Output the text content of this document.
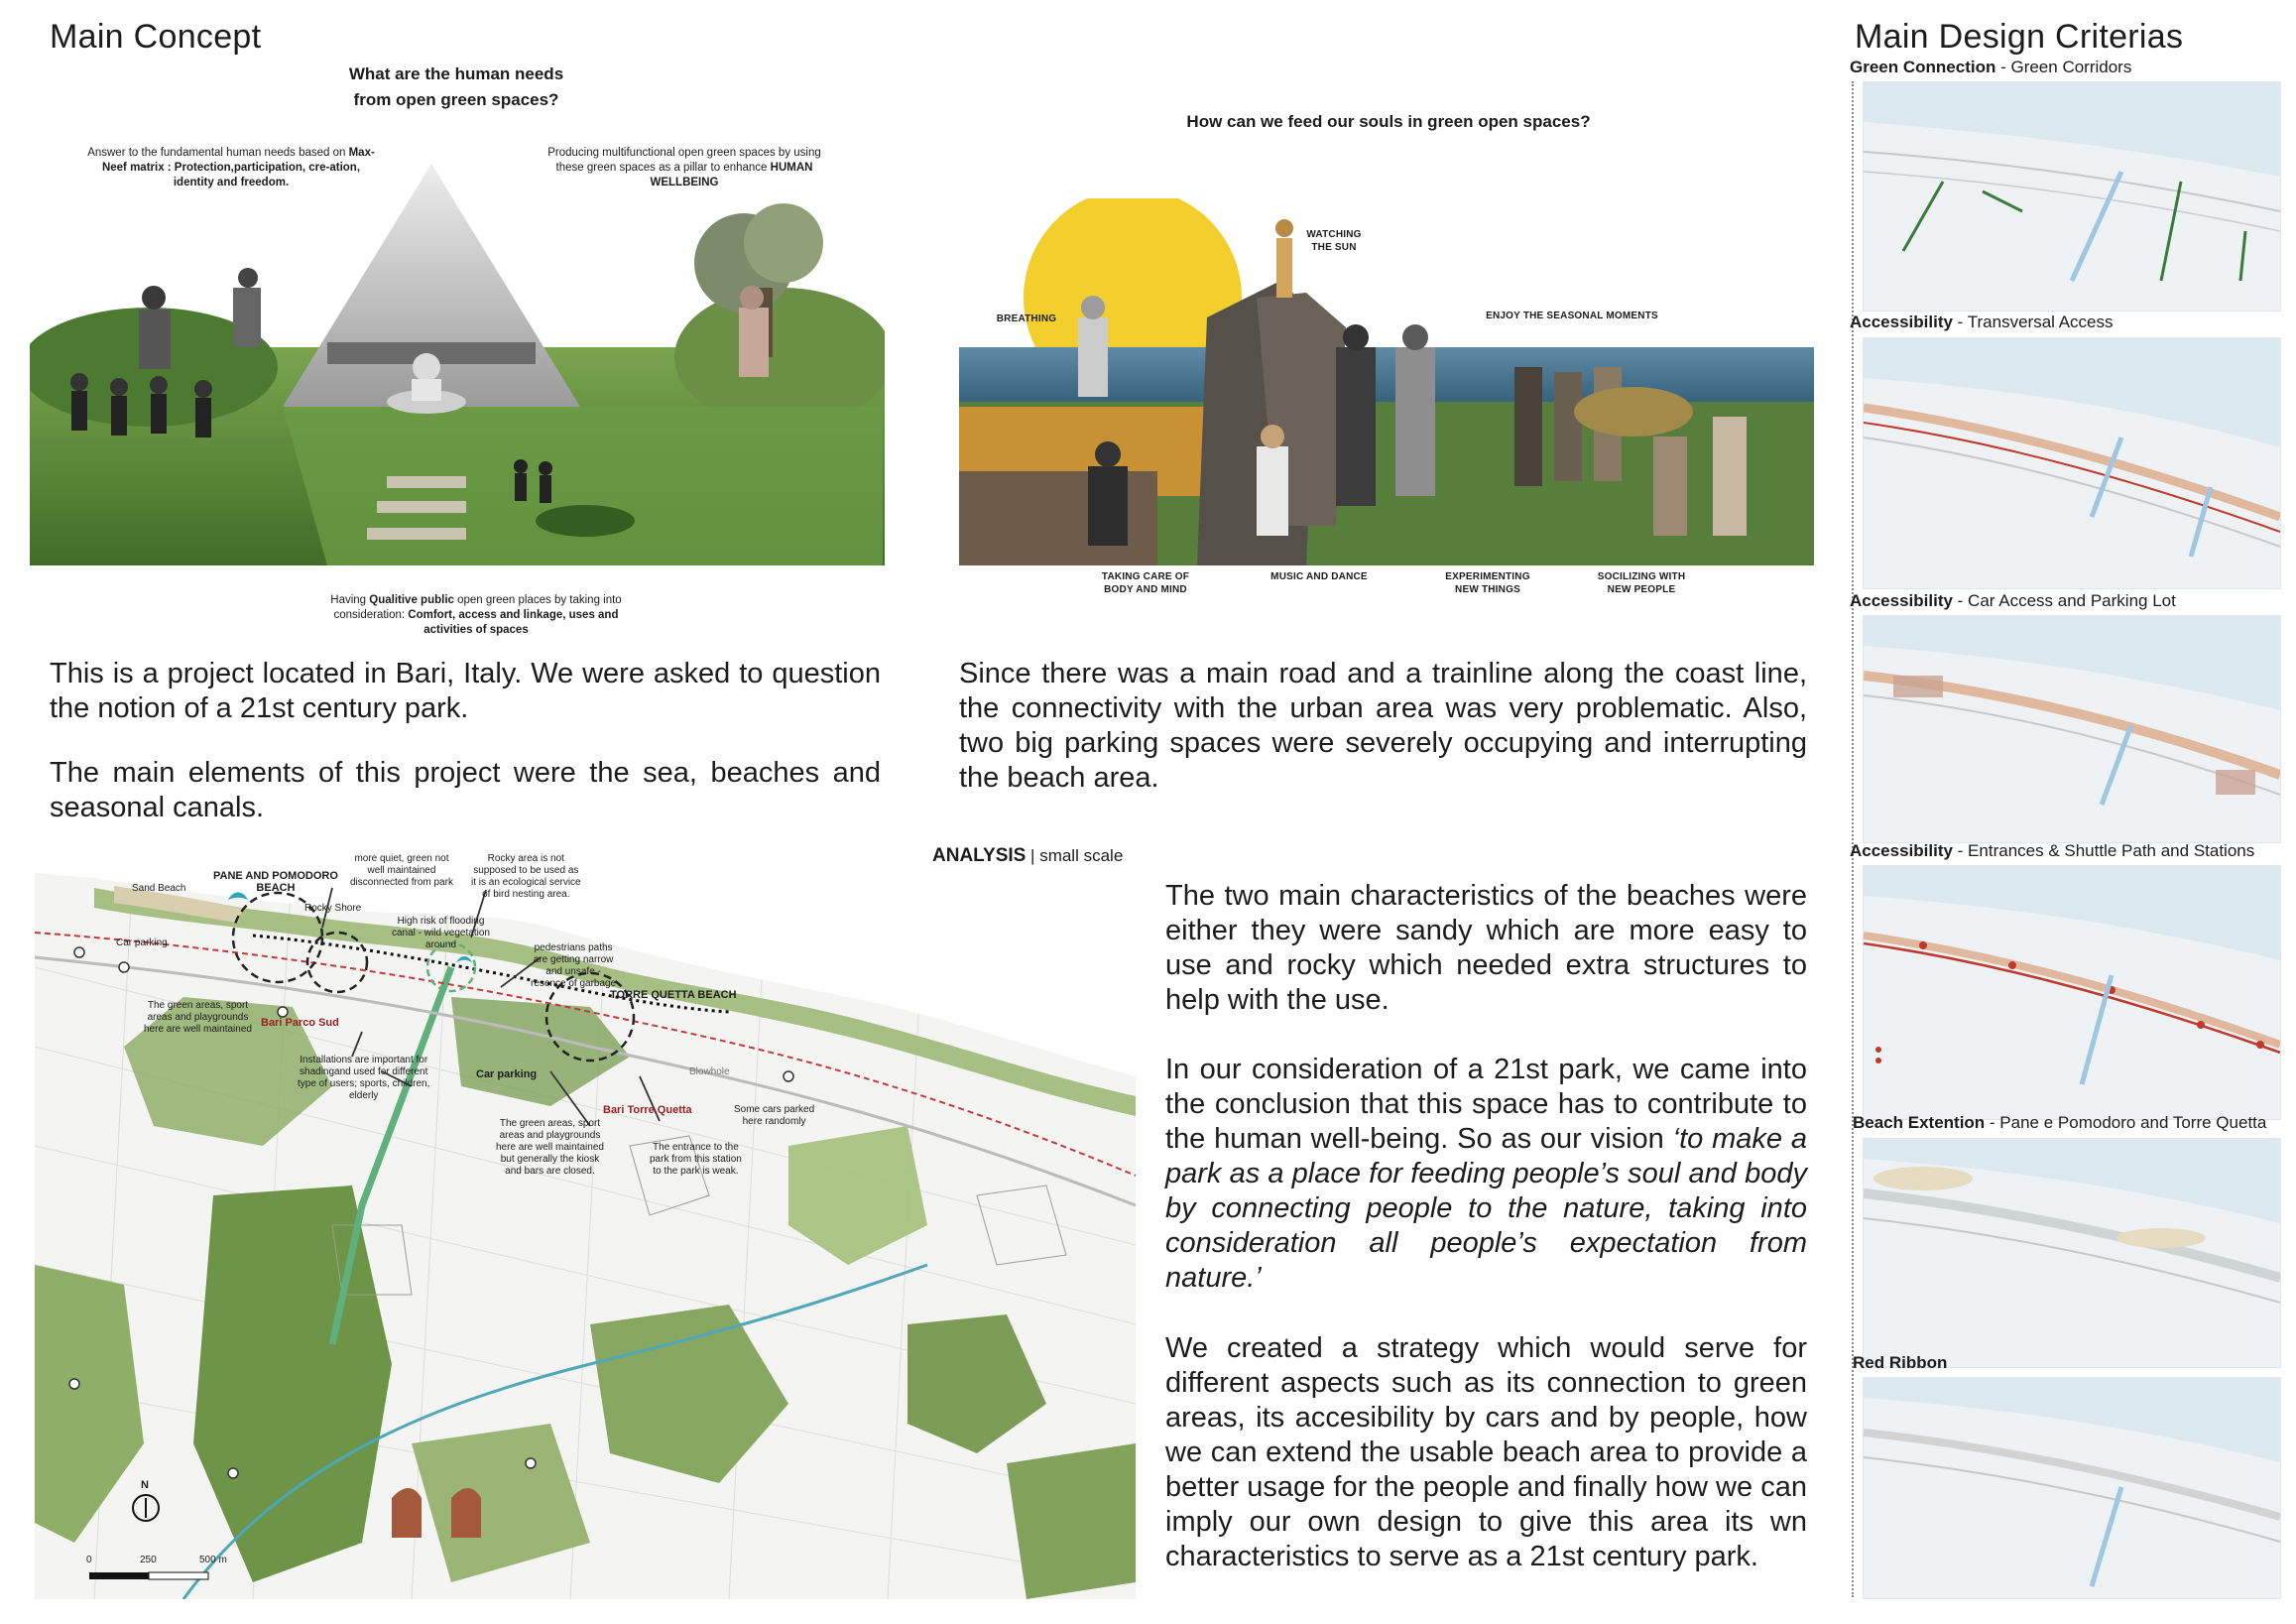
Main Concept
What are the human needs
from open green spaces?
Answer to the fundamental human needs based on Max-Neef matrix : Protection,participation, cre-ation, identity and freedom.
Producing multifunctional open green spaces by using these green spaces as a pillar to enhance HUMAN WELLBEING
Having Qualitive public open green places by taking into consideration: Comfort, access and linkage, uses and activities of spaces
This is a project located in Bari, Italy. We were asked to question the notion of a 21st century park.
The main elements of this project were the sea, beaches and seasonal canals.
How can we feed our souls in green open spaces?
BREATHING
WATCHING
THE SUN
ENJOY THE SEASONAL MOMENTS
TAKING CARE OF
BODY AND MIND
MUSIC AND DANCE	EXPERIMENTING
NEW THINGS
SOCILIZING WITH
NEW PEOPLE
Since there was a main road and a trainline along the coast line, the connectivity with the urban area was very problematic. Also, two big parking spaces were severely occupying and interrupting the beach area.
Sand Beach
PANE AND POMODORO
BEACH
Rocky Shore
more quiet, green not
well maintained
disconnected from park
Rocky area is not
supposed to be used as
it is an ecological service
of bird nesting area.
High risk of flooding
canal - wild vegetation
around
Car parking
The green areas, sport
areas and playgrounds
here are well maintained
Bari Parco Sud
Installations are important for
shadingand used for different
type of users; sports, children,
elderly
pedestrians paths
are getting narrow
and unsafe -
resence of garbage
TORRE QUETTA BEACH
Car parking	Blowhole
The green areas, sport
areas and playgrounds
here are well maintained
but generally the kiosk
and bars are closed.
Bari Torre Quetta	Some cars parked
here randomly
The entrance to the
park from this station
to the park is weak.
N
0	250	500 m
ANALYSIS | small scale
The two main characteristics of the beaches were either they were sandy which are more easy to use and rocky which needed extra structures to help with the use.
In our consideration of a 21st park, we came into the conclusion that this space has to contribute to the human well-being. So as our vision ‘to make a park as a place for feeding people’s soul and body by connecting people to the nature, taking into consideration all people’s expectation from nature.’
We created a strategy which would serve for different aspects such as its connection to green areas, its accesibility by cars and by people, how we can extend the usable beach area to provide a better usage for the people and finally how we can imply our own design to give this area its wn characteristics to serve as a 21st century park.
Main Design Criterias
Green Connection - Green Corridors
Accessibility - Transversal Access
Accessibility - Car Access and Parking Lot
Accessibility - Entrances & Shuttle Path and Stations
Beach Extention - Pane e Pomodoro and Torre Quetta
Red Ribbon
